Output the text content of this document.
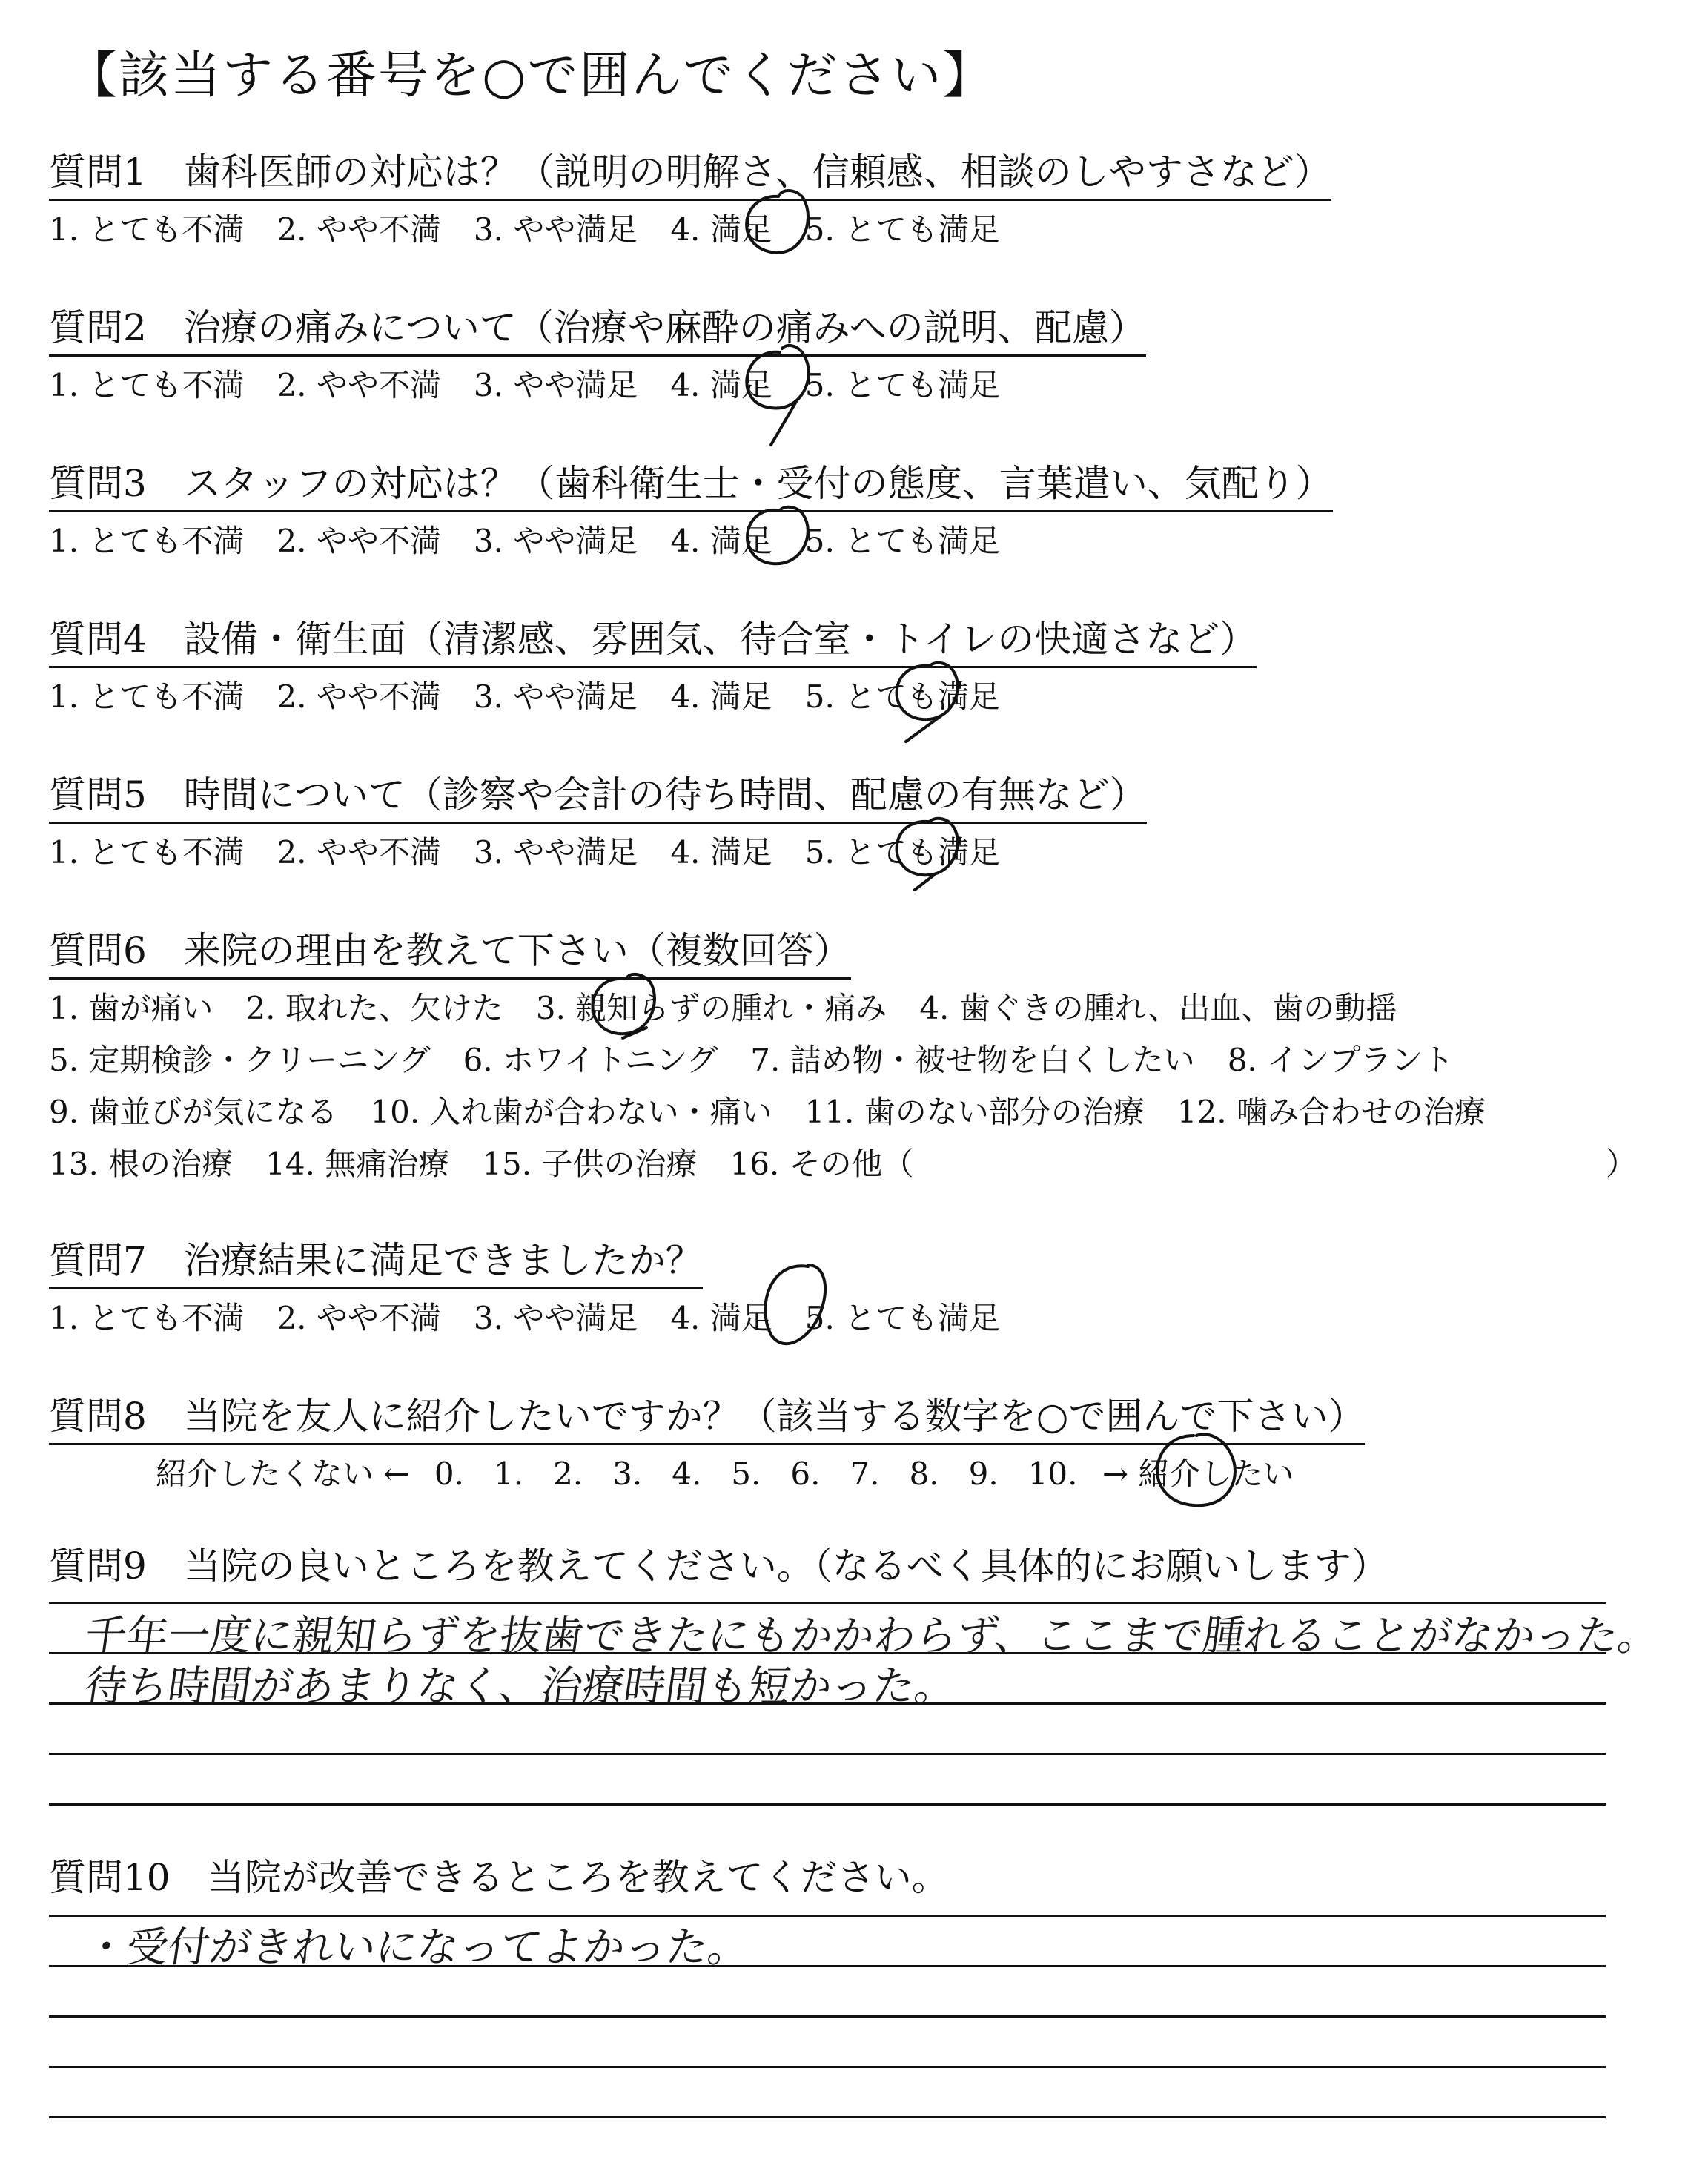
【該当する番号を○で囲んでください】
質問1　歯科医師の対応は？（説明の明解さ、信頼感、相談のしやすさなど）
1. とても不満 2. やや不満 3. やや満足 4. 満足 5. とても満足
質問2　治療の痛みについて（治療や麻酔の痛みへの説明、配慮）
1. とても不満 2. やや不満 3. やや満足 4. 満足 5. とても満足
質問3　スタッフの対応は？（歯科衛生士・受付の態度、言葉遣い、気配り）
1. とても不満 2. やや不満 3. やや満足 4. 満足 5. とても満足
質問4　設備・衛生面（清潔感、雰囲気、待合室・トイレの快適さなど）
1. とても不満 2. やや不満 3. やや満足 4. 満足 5. とても満足
質問5　時間について（診察や会計の待ち時間、配慮の有無など）
1. とても不満 2. やや不満 3. やや満足 4. 満足 5. とても満足
質問6　来院の理由を教えて下さい（複数回答）
1. 歯が痛い 2. 取れた、欠けた 3. 親知らずの腫れ・痛み 4. 歯ぐきの腫れ、出血、歯の動揺
5. 定期検診・クリーニング 6. ホワイトニング 7. 詰め物・被せ物を白くしたい 8. インプラント
9. 歯並びが気になる 10. 入れ歯が合わない・痛い 11. 歯のない部分の治療 12. 噛み合わせの治療
13. 根の治療 14. 無痛治療 15. 子供の治療 16. その他（	）
質問7　治療結果に満足できましたか？
1. とても不満 2. やや不満 3. やや満足 4. 満足 5. とても満足
質問8　当院を友人に紹介したいですか？（該当する数字を○で囲んで下さい）
紹介したくない ← 0. 1. 2. 3. 4. 5. 6. 7. 8. 9. 10. → 紹介したい
質問9　当院の良いところを教えてください。（なるべく具体的にお願いします）
千年一度に親知らずを抜歯できたにもかかわらず、ここまで腫れることがなかった。
待ち時間があまりなく、治療時間も短かった。
質問10　当院が改善できるところを教えてください。
・受付がきれいになってよかった。
